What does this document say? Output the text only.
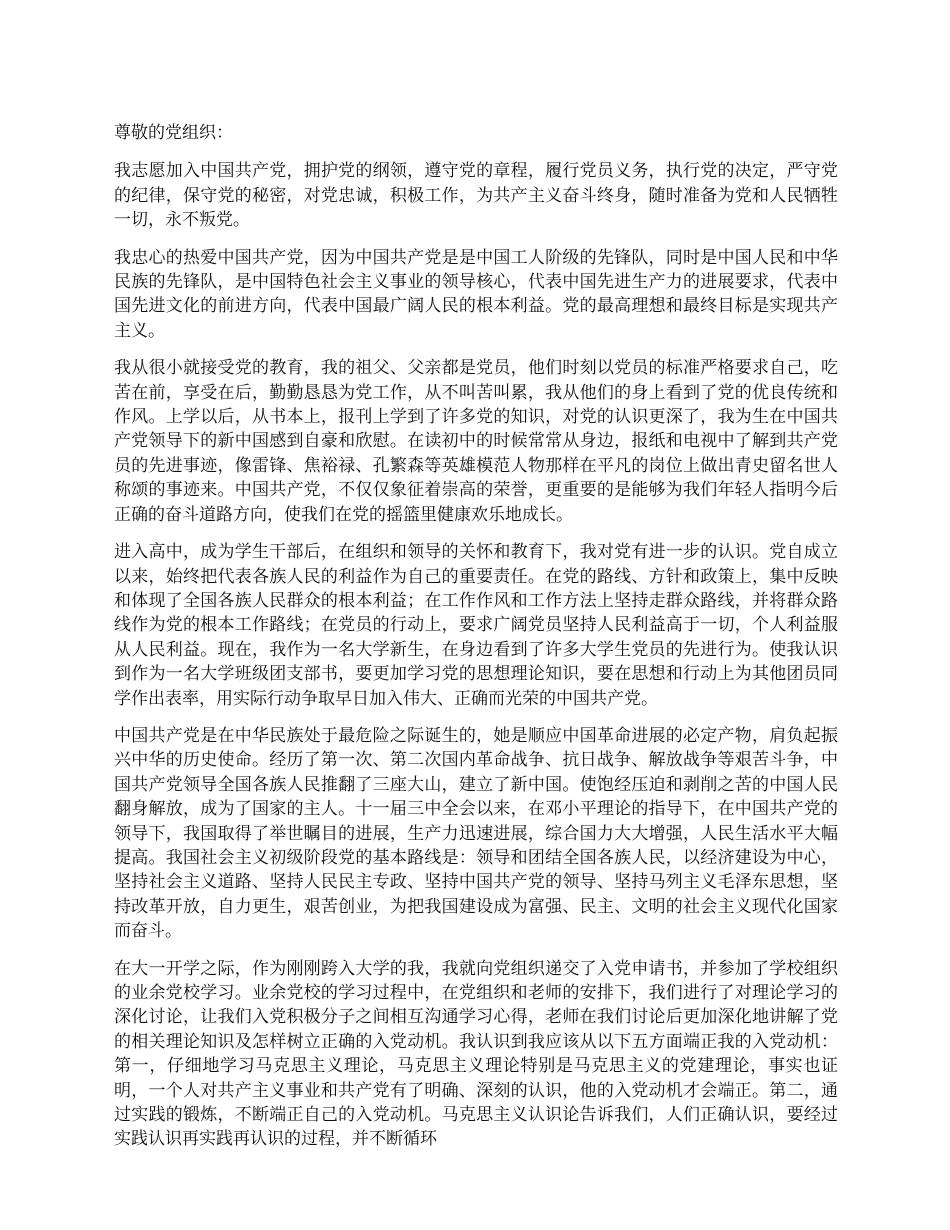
尊敬的党组织：

我志愿加入中国共产党，拥护党的纲领，遵守党的章程，履行党员义务，执行党的决定，严守党的纪律，保守党的秘密，对党忠诚，积极工作，为共产主义奋斗终身，随时准备为党和人民牺牲一切，永不叛党。

我忠心的热爱中国共产党，因为中国共产党是是中国工人阶级的先锋队，同时是中国人民和中华民族的先锋队，是中国特色社会主义事业的领导核心，代表中国先进生产力的进展要求，代表中国先进文化的前进方向，代表中国最广阔人民的根本利益。党的最高理想和最终目标是实现共产主义。

我从很小就接受党的教育，我的祖父、父亲都是党员，他们时刻以党员的标准严格要求自己，吃苦在前，享受在后，勤勤恳恳为党工作，从不叫苦叫累，我从他们的身上看到了党的优良传统和作风。上学以后，从书本上，报刊上学到了许多党的知识，对党的认识更深了，我为生在中国共产党领导下的新中国感到自豪和欣慰。在读初中的时候常常从身边，报纸和电视中了解到共产党员的先进事迹，像雷锋、焦裕禄、孔繁森等英雄模范人物那样在平凡的岗位上做出青史留名世人称颂的事迹来。中国共产党，不仅仅象征着崇高的荣誉，更重要的是能够为我们年轻人指明今后正确的奋斗道路方向，使我们在党的摇篮里健康欢乐地成长。

进入高中，成为学生干部后，在组织和领导的关怀和教育下，我对党有进一步的认识。党自成立以来，始终把代表各族人民的利益作为自己的重要责任。在党的路线、方针和政策上，集中反映和体现了全国各族人民群众的根本利益；在工作作风和工作方法上坚持走群众路线，并将群众路线作为党的根本工作路线；在党员的行动上，要求广阔党员坚持人民利益高于一切，个人利益服从人民利益。现在，我作为一名大学新生，在身边看到了许多大学生党员的先进行为。使我认识到作为一名大学班级团支部书，要更加学习党的思想理论知识，要在思想和行动上为其他团员同学作出表率，用实际行动争取早日加入伟大、正确而光荣的中国共产党。

中国共产党是在中华民族处于最危险之际诞生的，她是顺应中国革命进展的必定产物，肩负起振兴中华的历史使命。经历了第一次、第二次国内革命战争、抗日战争、解放战争等艰苦斗争，中国共产党领导全国各族人民推翻了三座大山，建立了新中国。使饱经压迫和剥削之苦的中国人民翻身解放，成为了国家的主人。十一届三中全会以来，在邓小平理论的指导下，在中国共产党的领导下，我国取得了举世瞩目的进展，生产力迅速进展，综合国力大大增强，人民生活水平大幅提高。我国社会主义初级阶段党的基本路线是：领导和团结全国各族人民，以经济建设为中心，坚持社会主义道路、坚持人民民主专政、坚持中国共产党的领导、坚持马列主义毛泽东思想，坚持改革开放，自力更生，艰苦创业，为把我国建设成为富强、民主、文明的社会主义现代化国家而奋斗。

在大一开学之际，作为刚刚跨入大学的我，我就向党组织递交了入党申请书，并参加了学校组织的业余党校学习。业余党校的学习过程中，在党组织和老师的安排下，我们进行了对理论学习的深化讨论，让我们入党积极分子之间相互沟通学习心得，老师在我们讨论后更加深化地讲解了党的相关理论知识及怎样树立正确的入党动机。我认识到我应该从以下五方面端正我的入党动机：第一，仔细地学习马克思主义理论，马克思主义理论特别是马克思主义的党建理论，事实也证明，一个人对共产主义事业和共产党有了明确、深刻的认识，他的入党动机才会端正。第二，通过实践的锻炼，不断端正自己的入党动机。马克思主义认识论告诉我们，人们正确认识，要经过实践认识再实践再认识的过程，并不断循环
